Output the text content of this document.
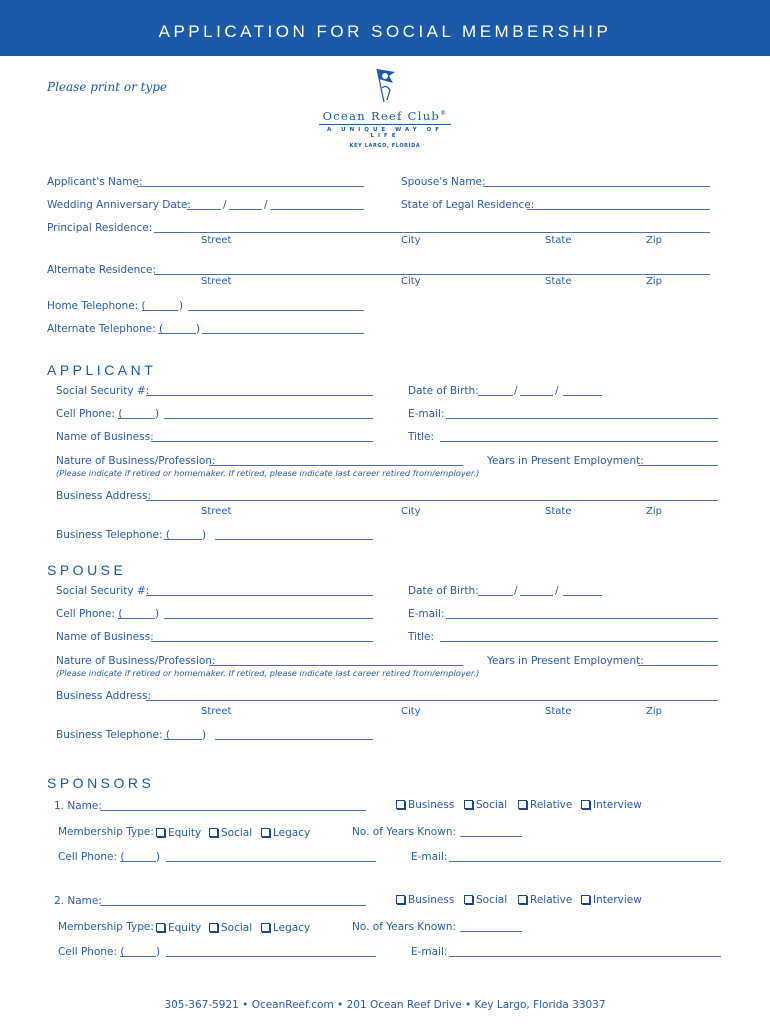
APPLICATION FOR SOCIAL MEMBERSHIP
Please print or type
Ocean Reef Club®
A UNIQUE WAY OF LIFE
KEY LARGO, FLORIDA
Applicant's Name:	Spouse's Name:
Wedding Anniversary Date:	/	/	State of Legal Residence:
Principal Residence:
Street	City	State	Zip
Alternate Residence:
Street	City	State	Zip
Home Telephone: (	)
Alternate Telephone: (	)
APPLICANT
Social Security #:	Date of Birth:	/	/
Cell Phone: (	)	E-mail:
Name of Business:	Title:
Nature of Business/Profession:	Years in Present Employment:
(Please indicate if retired or homemaker. If retired, please indicate last career retired from/employer.)
Business Address:
Street	City	State	Zip
Business Telephone: (	)
SPOUSE
Social Security #:	Date of Birth:	/	/
Cell Phone: (	)	E-mail:
Name of Business:	Title:
Nature of Business/Profession:	Years in Present Employment:
(Please indicate if retired or homemaker. If retired, please indicate last career retired from/employer.)
Business Address:
Street	City	State	Zip
Business Telephone: (	)
SPONSORS
1. Name:	Business	Social	Relative	Interview
Membership Type:	Equity	Social	Legacy	No. of Years Known:
Cell Phone: (	)	E-mail:
2. Name:	Business	Social	Relative	Interview
Membership Type:	Equity	Social	Legacy	No. of Years Known:
Cell Phone: (	)	E-mail:
305-367-5921 • OceanReef.com • 201 Ocean Reef Drive • Key Largo, Florida 33037
